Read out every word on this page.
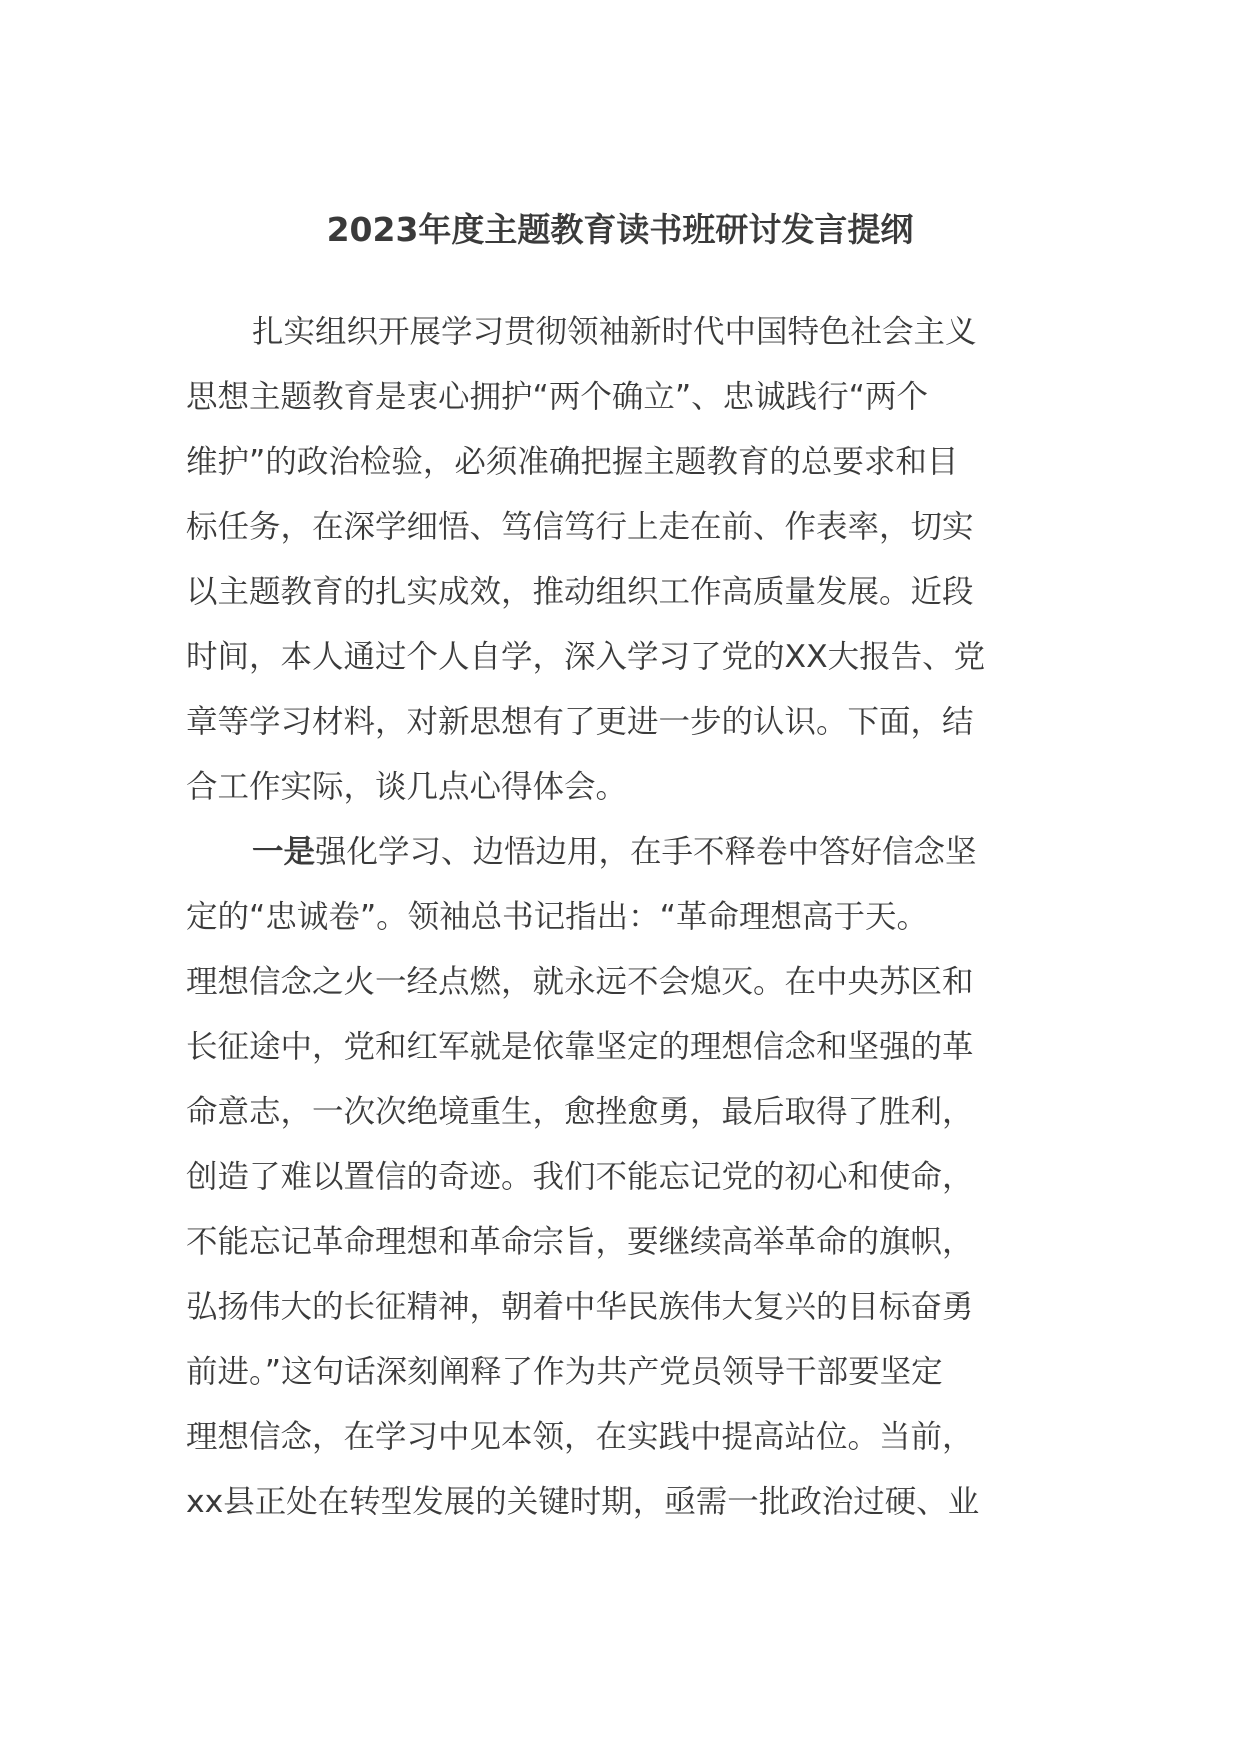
2023年度主题教育读书班研讨发言提纲
扎实组织开展学习贯彻领袖新时代中国特色社会主义
思想主题教育是衷心拥护“两个确立”、忠诚践行“两个
维护”的政治检验，必须准确把握主题教育的总要求和目
标任务，在深学细悟、笃信笃行上走在前、作表率，切实
以主题教育的扎实成效，推动组织工作高质量发展。近段
时间，本人通过个人自学，深入学习了党的XX大报告、党
章等学习材料，对新思想有了更进一步的认识。下面，结
合工作实际，谈几点心得体会。
一是强化学习、边悟边用，在手不释卷中答好信念坚
定的“忠诚卷”。领袖总书记指出：“革命理想高于天。
理想信念之火一经点燃，就永远不会熄灭。在中央苏区和
长征途中，党和红军就是依靠坚定的理想信念和坚强的革
命意志，一次次绝境重生，愈挫愈勇，最后取得了胜利，
创造了难以置信的奇迹。我们不能忘记党的初心和使命，
不能忘记革命理想和革命宗旨，要继续高举革命的旗帜，
弘扬伟大的长征精神，朝着中华民族伟大复兴的目标奋勇
前进。”这句话深刻阐释了作为共产党员领导干部要坚定
理想信念，在学习中见本领，在实践中提高站位。当前，
xx县正处在转型发展的关键时期，亟需一批政治过硬、业
